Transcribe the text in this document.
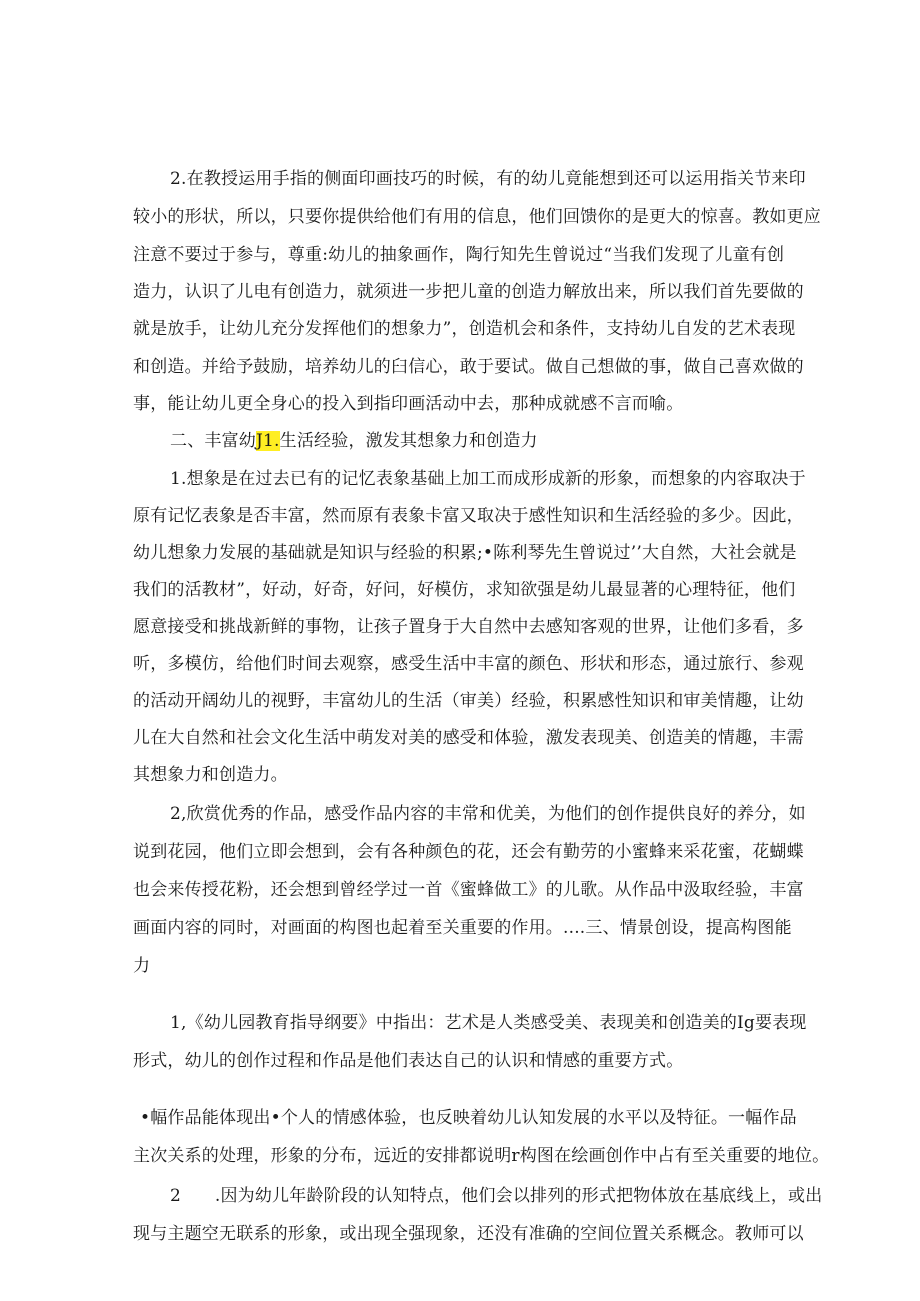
2.在教授运用手指的侧面印画技巧的时候，有的幼儿竟能想到还可以运用指关节来印
较小的形状，所以，只要你提供给他们有用的信息，他们回馈你的是更大的惊喜。教如更应
注意不要过于参与，尊重:幼儿的抽象画作，陶行知先生曾说过“当我们发现了儿童有创
造力，认识了儿电有创造力，就须进一步把儿童的创造力解放出来，所以我们首先要做的
就是放手，让幼儿充分发挥他们的想象力”，创造机会和条件，支持幼儿自发的艺术表现
和创造。并给予鼓励，培养幼儿的臼信心，敢于要试。做自己想做的事，做自己喜欢做的
事，能让幼儿更全身心的投入到指印画活动中去，那种成就感不言而喻。
二、丰富幼J1.生活经验，激发其想象力和创造力
1.想象是在过去已有的记忆表象基础上加工而成形成新的形象，而想象的内容取决于
原有记忆表象是否丰富，然而原有表象卡富又取决于感性知识和生活经验的多少。因此，
幼儿想象力发展的基础就是知识与经验的积累;•陈利琴先生曾说过’’大自然，大社会就是
我们的活教材”，好动，好奇，好问，好模仿，求知欲强是幼儿最显著的心理特征，他们
愿意接受和挑战新鲜的事物，让孩子置身于大自然中去感知客观的世界，让他们多看，多
听，多模仿，给他们时间去观察，感受生活中丰富的颜色、形状和形态，通过旅行、参观
的活动开阔幼儿的视野，丰富幼儿的生活（审美）经验，积累感性知识和审美情趣，让幼
儿在大自然和社会文化生活中萌发对美的感受和体验，激发表现美、创造美的情趣，丰需
其想象力和创造力。
2,欣赏优秀的作品，感受作品内容的丰常和优美，为他们的创作提供良好的养分，如
说到花园，他们立即会想到，会有各种颜色的花，还会有勤劳的小蜜蜂来采花蜜，花蝴蝶
也会来传授花粉，还会想到曾经学过一首《蜜蜂做工》的儿歌。从作品中汲取经验，丰富
画面内容的同时，对画面的构图也起着至关重要的作用。....三、情景创设，提高构图能
力
1,《幼儿园教育指导纲要》中指出：艺术是人类感受美、表现美和创造美的Ig要表现
形式，幼儿的创作过程和作品是他们表达自己的认识和情感的重要方式。
•幅作品能体现出•个人的情感体验，也反映着幼儿认知发展的水平以及特征。一幅作品
主次关系的处理，形象的分布，远近的安排都说明r构图在绘画创作中占有至关重要的地位。
2	.因为幼儿年龄阶段的认知特点，他们会以排列的形式把物体放在基底线上，或出
现与主题空无联系的形象，或出现全强现象，还没有准确的空间位置关系概念。教师可以
